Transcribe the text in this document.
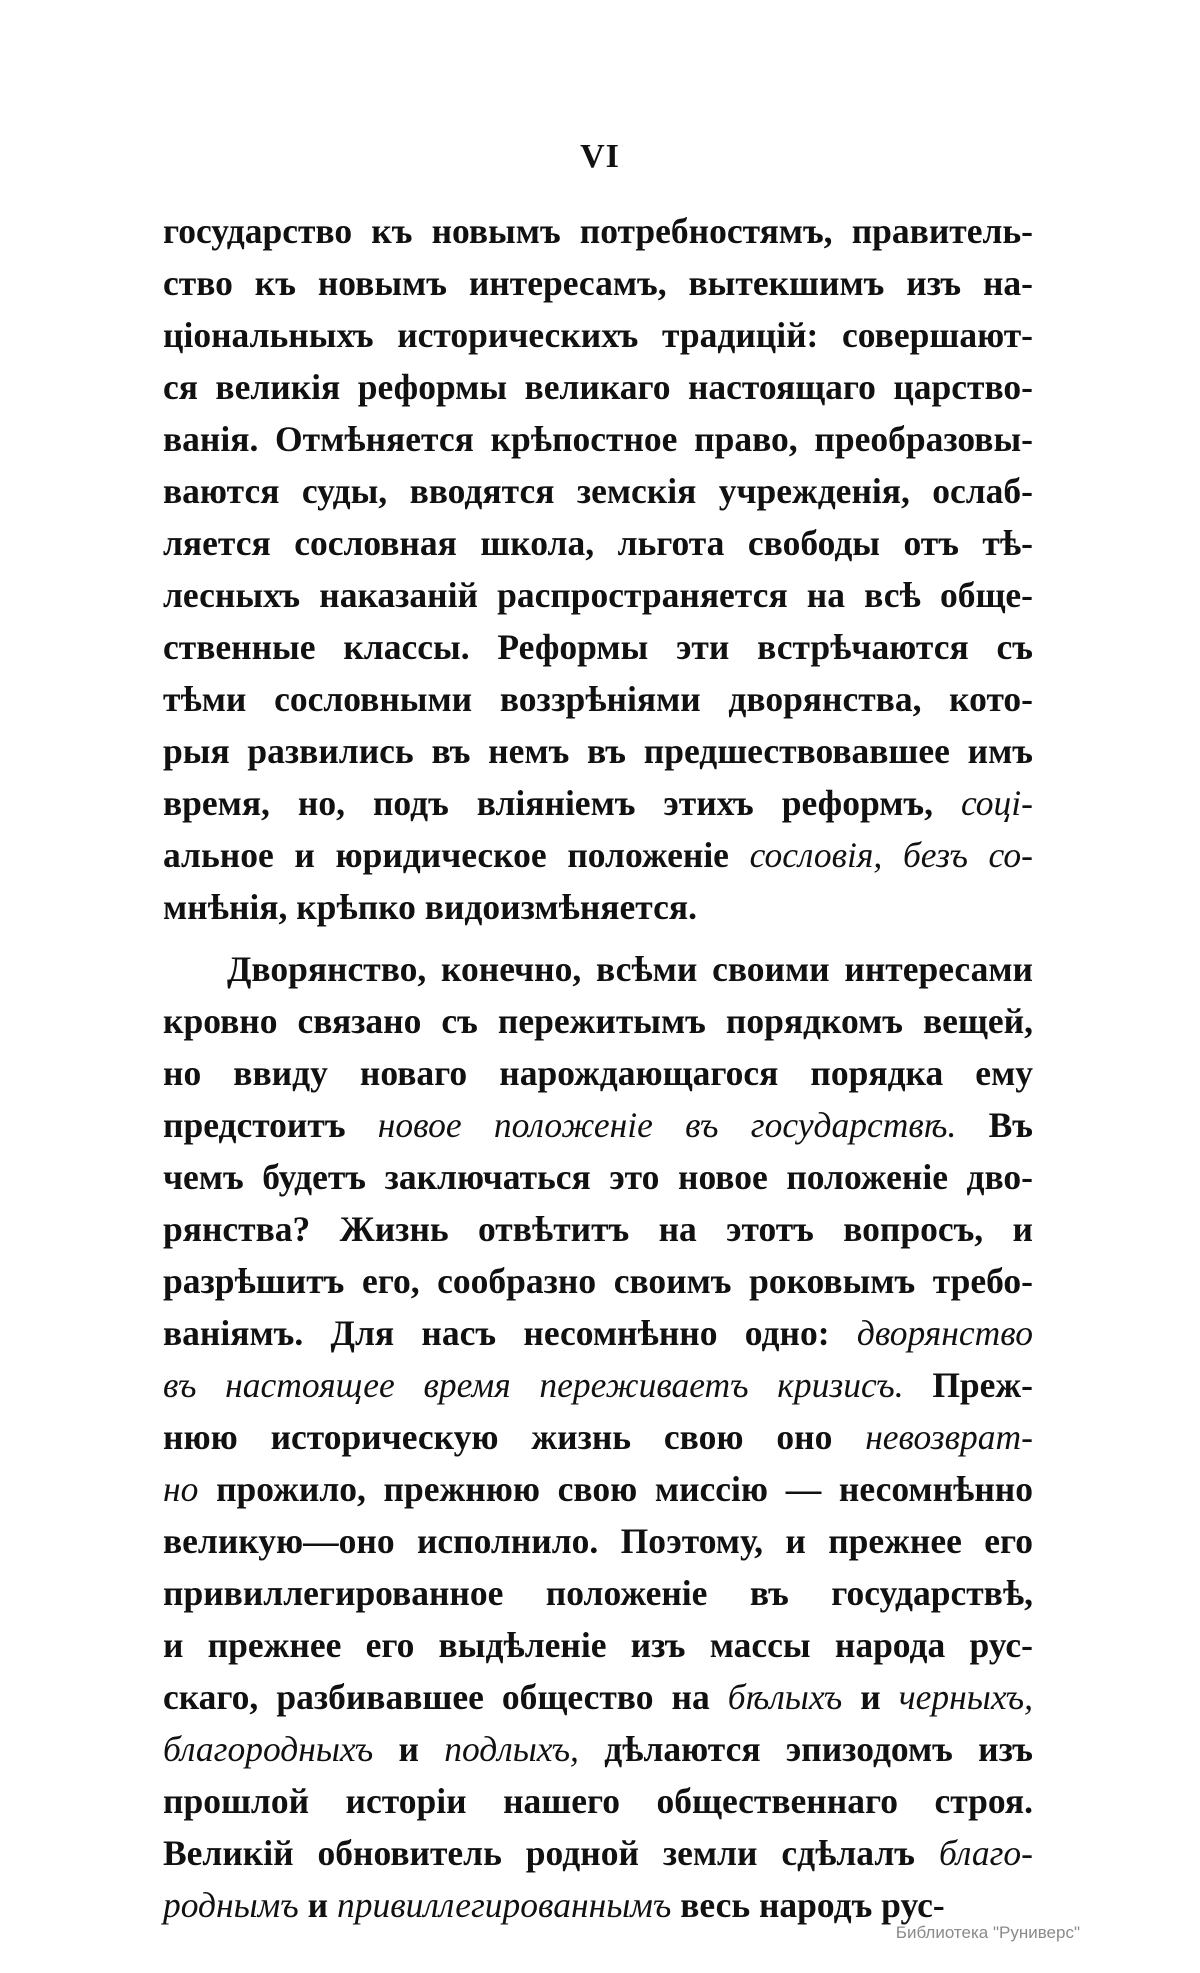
VI
государство къ новымъ потребностямъ, правитель-
ство къ новымъ интересамъ, вытекшимъ изъ на-
ціональныхъ историческихъ традицій: совершают-
ся великія реформы великаго настоящаго царство-
ванія. Отмѣняется крѣпостное право, преобразовы-
ваются суды, вводятся земскія учрежденія, ослаб-
ляется сословная школа, льгота свободы отъ тѣ-
лесныхъ наказаній распространяется на всѣ обще-
ственные классы. Реформы эти встрѣчаются съ
тѣми сословными воззрѣніями дворянства, кото-
рыя развились въ немъ въ предшествовавшее имъ
время, но, подъ вліяніемъ этихъ реформъ, соці-
альное и юридическое положеніе сословія, безъ со-
мнѣнія, крѣпко видоизмѣняется.
Дворянство, конечно, всѣми своими интересами
кровно связано съ пережитымъ порядкомъ вещей,
но ввиду новаго нарождающагося порядка ему
предстоитъ новое положеніе въ государствѣ. Въ
чемъ будетъ заключаться это новое положеніе дво-
рянства? Жизнь отвѣтитъ на этотъ вопросъ, и
разрѣшитъ его, сообразно своимъ роковымъ требо-
ваніямъ. Для насъ несомнѣнно одно: дворянство
въ настоящее время переживаетъ кризисъ. Преж-
нюю историческую жизнь свою оно невозврат-
но прожило, прежнюю свою миссію — несомнѣнно
великую—оно исполнило. Поэтому, и прежнее его
привиллегированное положеніе въ государствѣ,
и прежнее его выдѣленіе изъ массы народа рус-
скаго, разбивавшее общество на бѣлыхъ и черныхъ,
благородныхъ и подлыхъ, дѣлаются эпизодомъ изъ
прошлой исторіи нашего общественнаго строя.
Великій обновитель родной земли сдѣлалъ благо-
роднымъ и привиллегированнымъ весь народъ рус-
Библиотека "Руниверс"
